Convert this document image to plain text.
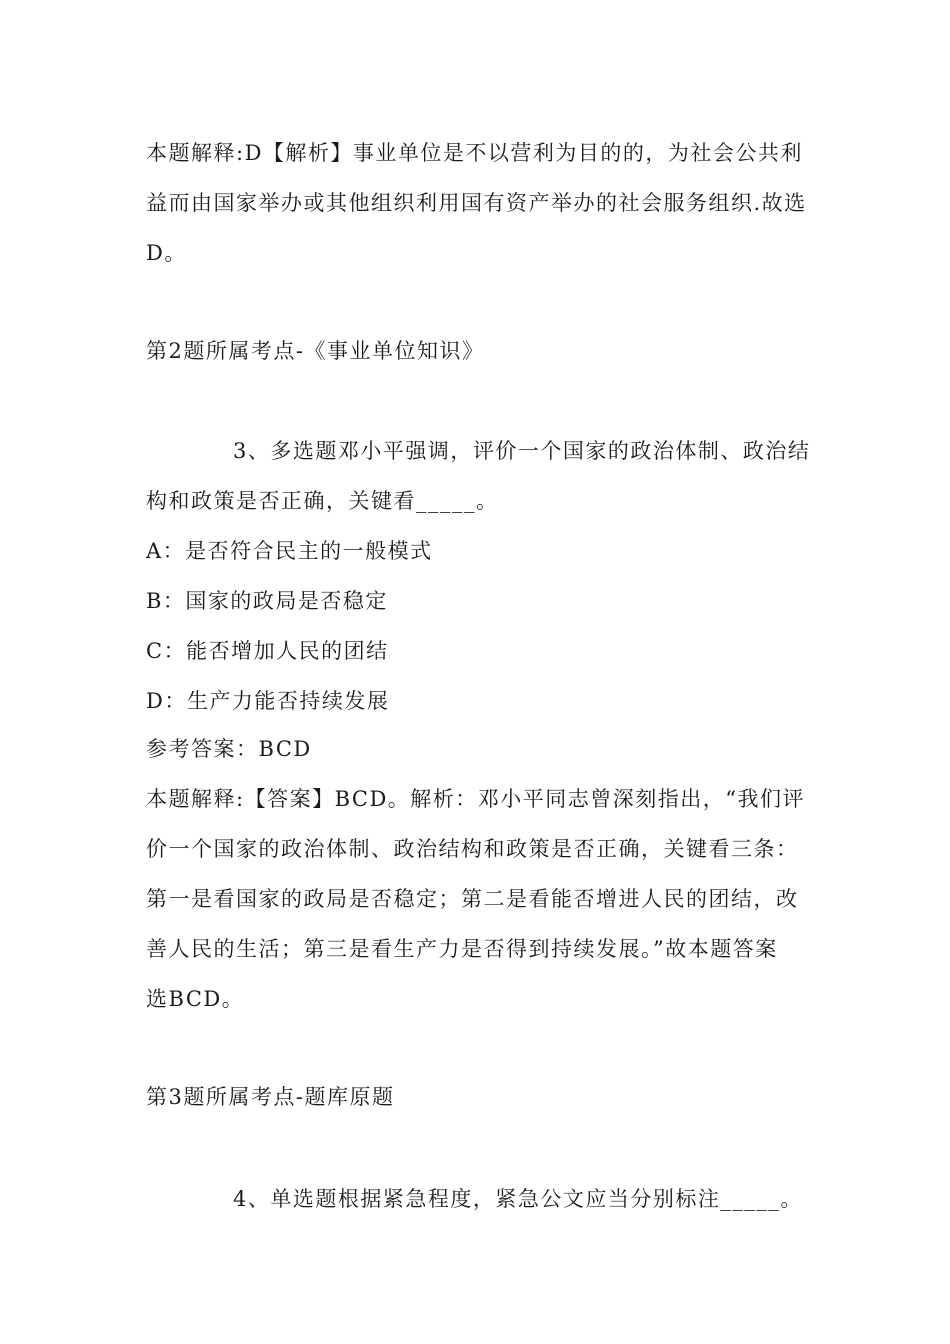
本题解释:D【解析】事业单位是不以营利为目的的，为社会公共利
益而由国家举办或其他组织利用国有资产举办的社会服务组织.故选
D。
第2题所属考点-《事业单位知识》
3、多选题邓小平强调，评价一个国家的政治体制、政治结
构和政策是否正确，关键看_____。
A：是否符合民主的一般模式
B：国家的政局是否稳定
C：能否增加人民的团结
D：生产力能否持续发展
参考答案：BCD
本题解释:【答案】BCD。解析：邓小平同志曾深刻指出，“我们评
价一个国家的政治体制、政治结构和政策是否正确，关键看三条：
第一是看国家的政局是否稳定；第二是看能否增进人民的团结，改
善人民的生活；第三是看生产力是否得到持续发展。”故本题答案
选BCD。
第3题所属考点-题库原题
4、单选题根据紧急程度，紧急公文应当分别标注_____。
